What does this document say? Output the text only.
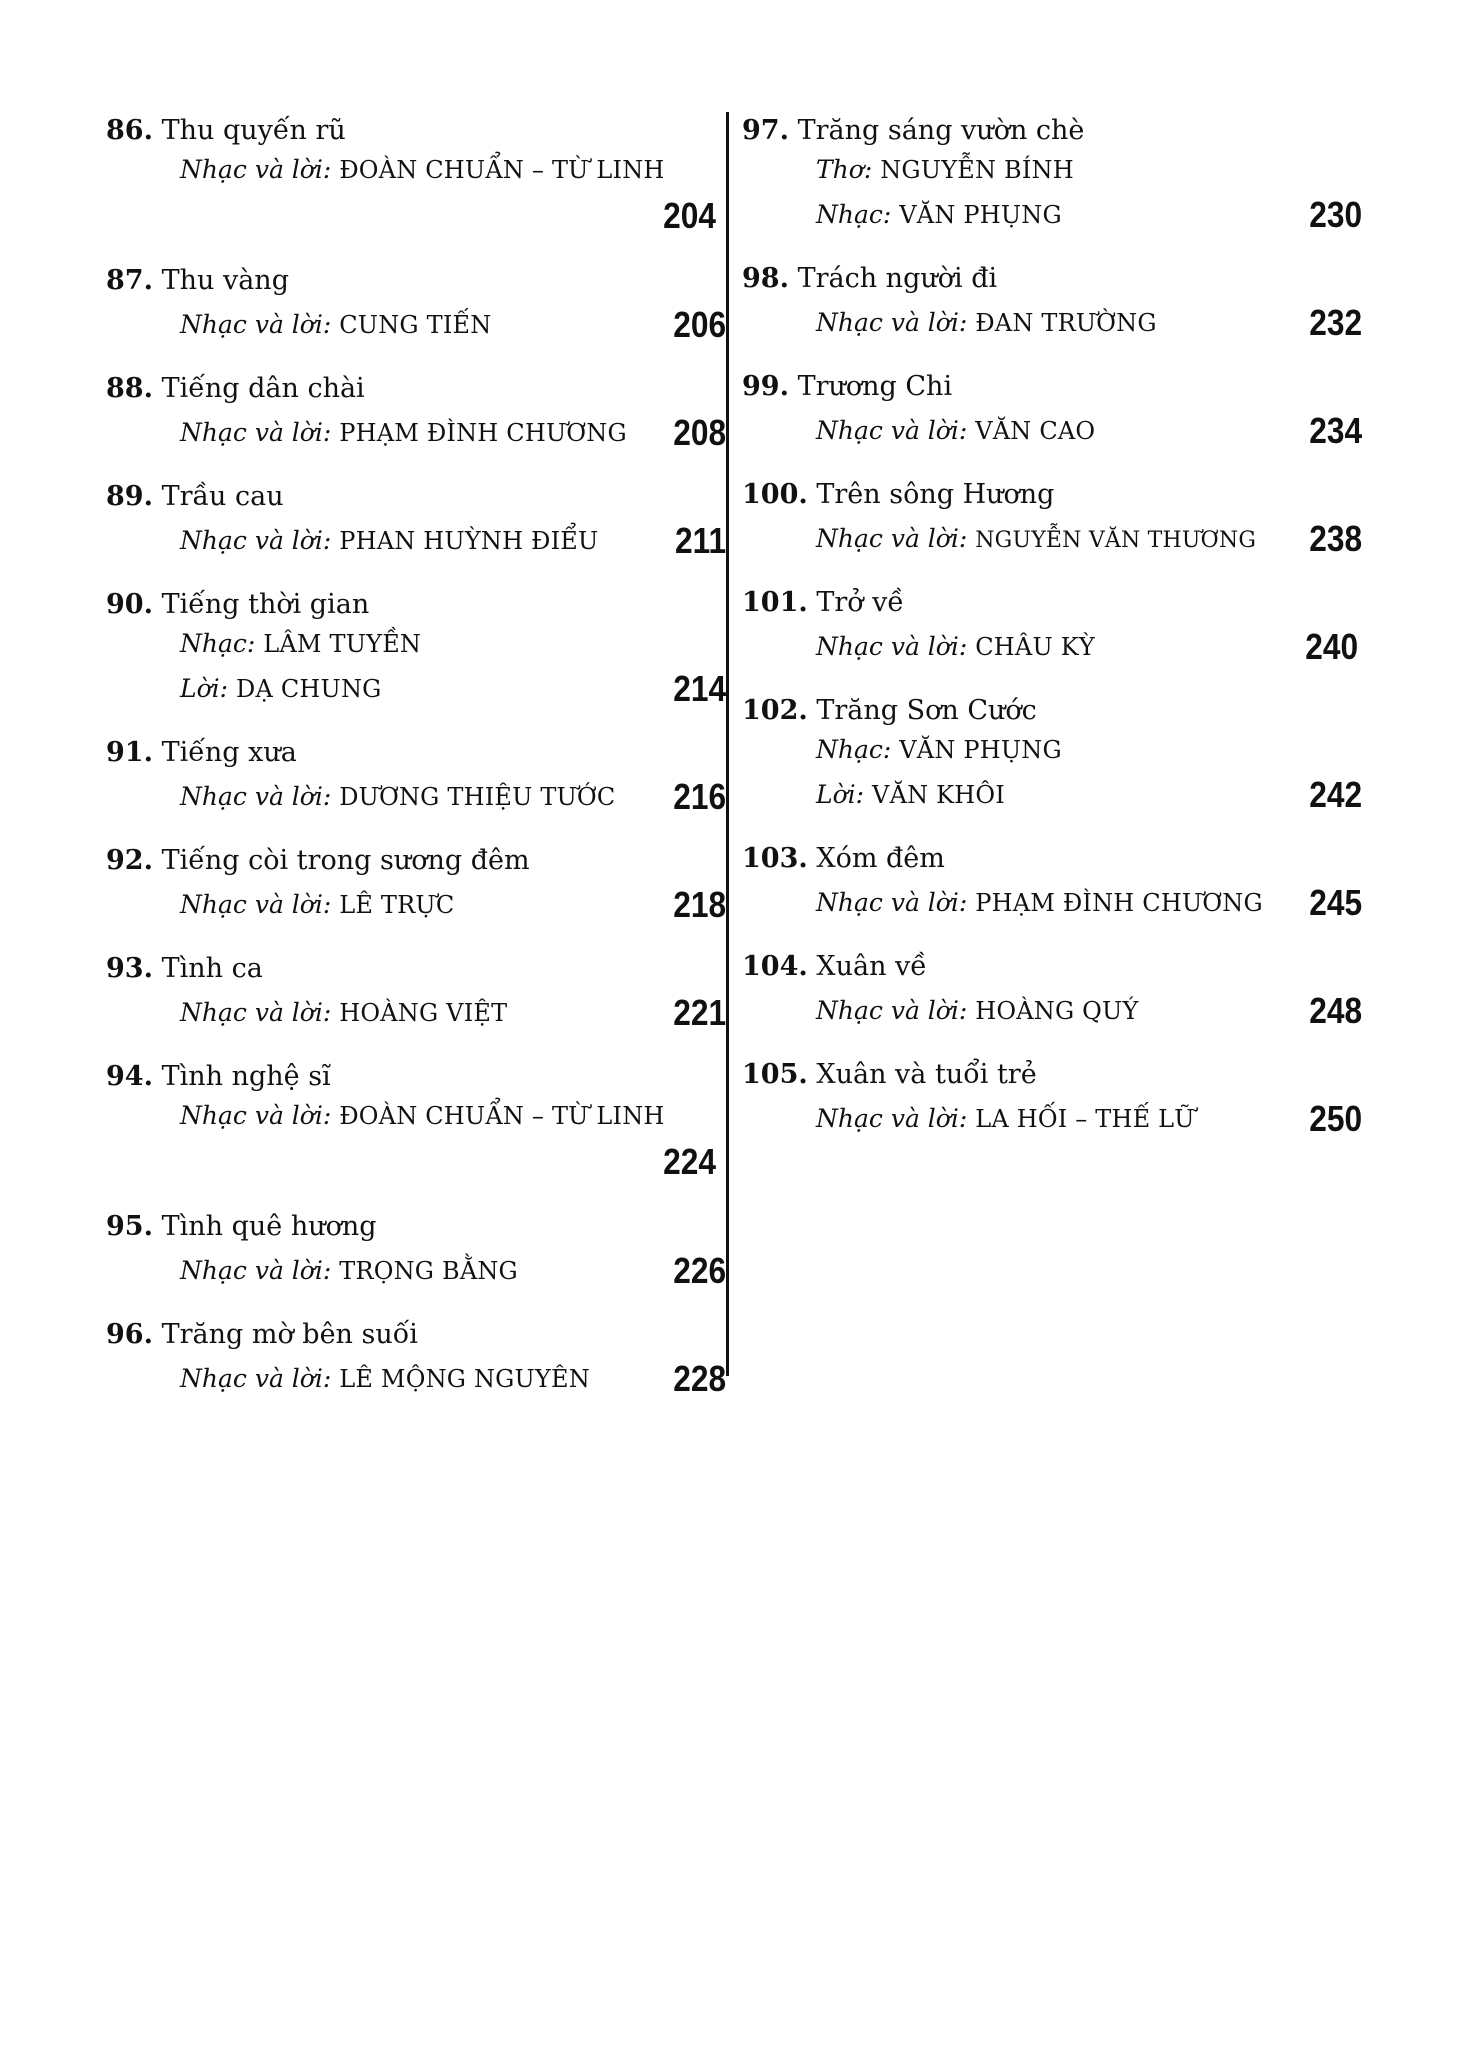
86. Thu quyến rũ
Nhạc và lời: ĐOÀN CHUẨN – TỪ LINH
204
87. Thu vàng
Nhạc và lời: CUNG TIẾN	206
88. Tiếng dân chài
Nhạc và lời: PHẠM ĐÌNH CHƯƠNG 208
89. Trầu cau
Nhạc và lời: PHAN HUỲNH ĐIỂU 211
90. Tiếng thời gian
Nhạc: LÂM TUYỀN
Lời: DẠ CHUNG	214
91. Tiếng xưa
Nhạc và lời: DƯƠNG THIỆU TƯỚC 216
92. Tiếng còi trong sương đêm
Nhạc và lời: LÊ TRỰC	218
93. Tình ca
Nhạc và lời: HOÀNG VIỆT	221
94. Tình nghệ sĩ
Nhạc và lời: ĐOÀN CHUẨN – TỪ LINH
224
95. Tình quê hương
Nhạc và lời: TRỌNG BẰNG	226
96. Trăng mờ bên suối
Nhạc và lời: LÊ MỘNG NGUYÊN 228
97. Trăng sáng vườn chè
Thơ: NGUYỄN BÍNH
Nhạc: VĂN PHỤNG	230
98. Trách người đi
Nhạc và lời: ĐAN TRƯỜNG	232
99. Trương Chi
Nhạc và lời: VĂN CAO	234
100. Trên sông Hương
Nhạc và lời: NGUYỄN VĂN THƯƠNG 238
101. Trở về
Nhạc và lời: CHÂU KỲ	240
102. Trăng Sơn Cước
Nhạc: VĂN PHỤNG
Lời: VĂN KHÔI	242
103. Xóm đêm
Nhạc và lời: PHẠM ĐÌNH CHƯƠNG 245
104. Xuân về
Nhạc và lời: HOÀNG QUÝ	248
105. Xuân và tuổi trẻ
Nhạc và lời: LA HỐI – THẾ LỮ	250
